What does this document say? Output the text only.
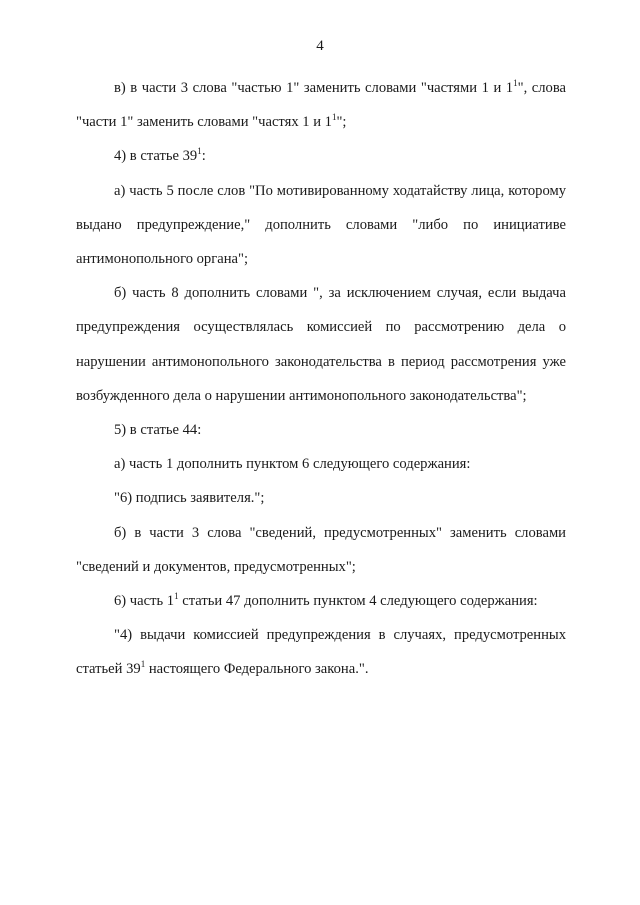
4

в) в части 3 слова "частью 1" заменить словами "частями 1 и $1^1$", слова "части 1" заменить словами "частях 1 и $1^1$";

4) в статье $39^1$:

а) часть 5 после слов "По мотивированному ходатайству лица, которому выдано предупреждение," дополнить словами "либо по инициативе антимонопольного органа";

б) часть 8 дополнить словами ", за исключением случая, если выдача предупреждения осуществлялась комиссией по рассмотрению дела о нарушении антимонопольного законодательства в период рассмотрения уже возбужденного дела о нарушении антимонопольного законодательства";

5) в статье 44:

а) часть 1 дополнить пунктом 6 следующего содержания:

"6) подпись заявителя.";

б) в части 3 слова "сведений, предусмотренных" заменить словами "сведений и документов, предусмотренных";

6) часть $1^1$ статьи 47 дополнить пунктом 4 следующего содержания:

"4) выдачи комиссией предупреждения в случаях, предусмотренных статьей $39^1$ настоящего Федерального закона.".
